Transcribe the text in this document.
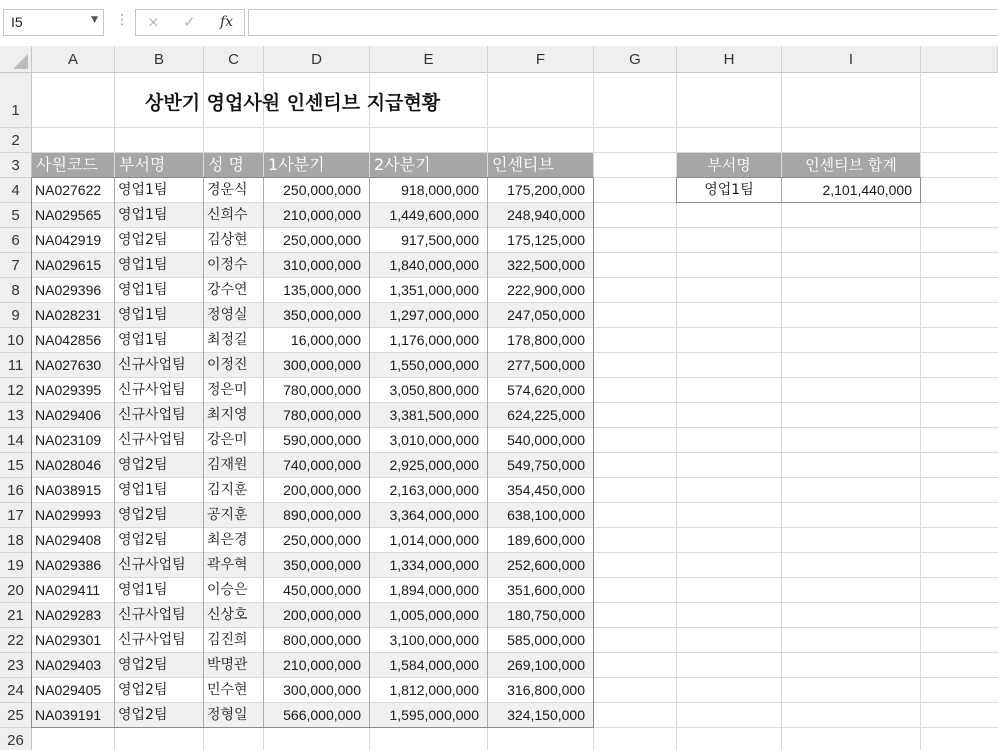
I5	▼ ⋮ × ✓ fx
A	B	C	D	E	F	G	H	I
1
2
3
4
5
6
7
8
9
10
11
12
13
14
15
16
17
18
19
20
21
22
23
24
25
26
사원코드	부서명	성 명	1사분기	2사분기	인센티브
NA027622	영업1팀	경운식	250,000,000	918,000,000	175,200,000
NA029565	영업1팀	신희수	210,000,000	1,449,600,000	248,940,000
NA042919	영업2팀	김상현	250,000,000	917,500,000	175,125,000
NA029615	영업1팀	이정수	310,000,000	1,840,000,000	322,500,000
NA029396	영업1팀	강수연	135,000,000	1,351,000,000	222,900,000
NA028231	영업1팀	정영실	350,000,000	1,297,000,000	247,050,000
NA042856	영업1팀	최정길	16,000,000	1,176,000,000	178,800,000
NA027630	신규사업팀	이정진	300,000,000	1,550,000,000	277,500,000
NA029395	신규사업팀	정은미	780,000,000	3,050,800,000	574,620,000
NA029406	신규사업팀	최지영	780,000,000	3,381,500,000	624,225,000
NA023109	신규사업팀	강은미	590,000,000	3,010,000,000	540,000,000
NA028046	영업2팀	김재원	740,000,000	2,925,000,000	549,750,000
NA038915	영업1팀	김지훈	200,000,000	2,163,000,000	354,450,000
NA029993	영업2팀	공지훈	890,000,000	3,364,000,000	638,100,000
NA029408	영업2팀	최은경	250,000,000	1,014,000,000	189,600,000
NA029386	신규사업팀	곽우혁	350,000,000	1,334,000,000	252,600,000
NA029411	영업1팀	이승은	450,000,000	1,894,000,000	351,600,000
NA029283	신규사업팀	신상호	200,000,000	1,005,000,000	180,750,000
NA029301	신규사업팀	김진희	800,000,000	3,100,000,000	585,000,000
NA029403	영업2팀	박명관	210,000,000	1,584,000,000	269,100,000
NA029405	영업2팀	민수현	300,000,000	1,812,000,000	316,800,000
NA039191	영업2팀	정형일	566,000,000	1,595,000,000	324,150,000
부서명	인센티브 합계
영업1팀	2,101,440,000
상반기 영업사원 인센티브 지급현황
